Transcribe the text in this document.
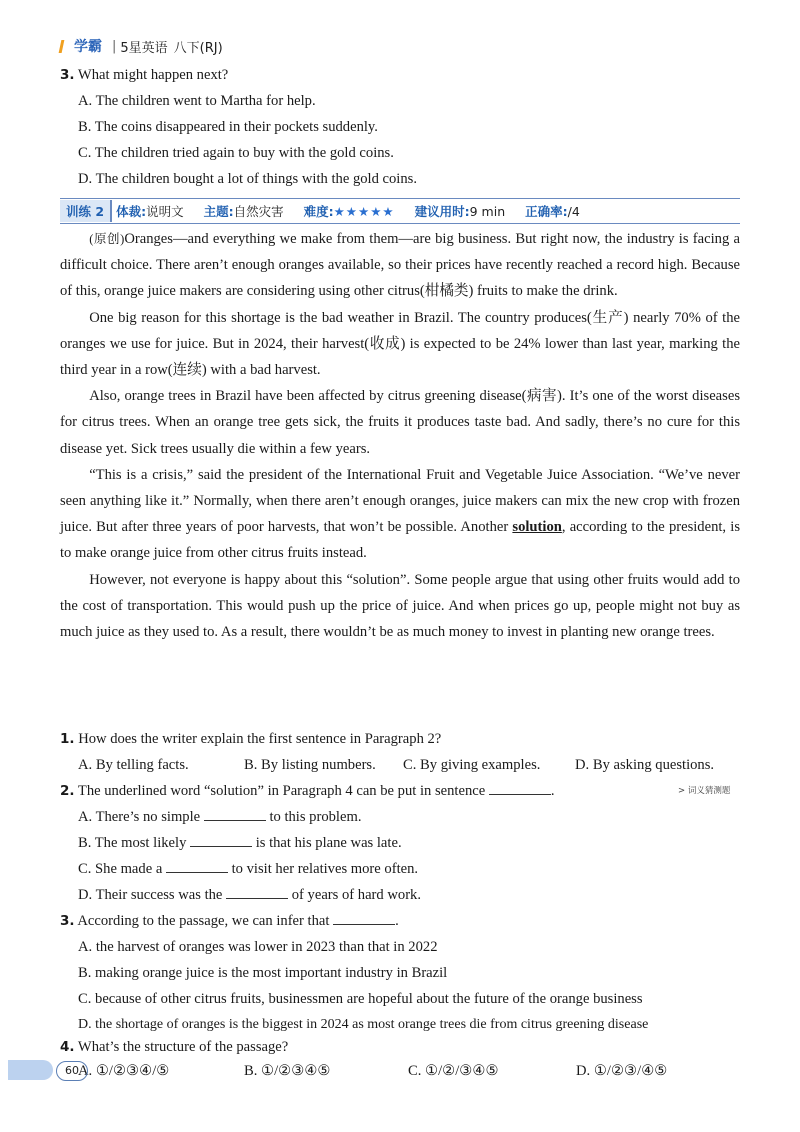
学霸 | 5星英语 八下(RJ)
3. What might happen next?
A. The children went to Martha for help.
B. The coins disappeared in their pockets suddenly.
C. The children tried again to buy with the gold coins.
D. The children bought a lot of things with the gold coins.
训练 2 体裁: 说明文 主题: 自然灾害 难度: ★★★★★ 建议用时: 9 min 正确率: /4

(原创)Oranges—and everything we make from them—are big business. But right now, the industry is facing a difficult choice. There aren’t enough oranges available, so their prices have recently reached a record high. Because of this, orange juice makers are considering using other citrus(柑橘类) fruits to make the drink.

One big reason for this shortage is the bad weather in Brazil. The country produces(生产) nearly 70% of the oranges we use for juice. But in 2024, their harvest(收成) is expected to be 24% lower than last year, marking the third year in a row(连续) with a bad harvest.

Also, orange trees in Brazil have been affected by citrus greening disease(病害). It’s one of the worst diseases for citrus trees. When an orange tree gets sick, the fruits it produces taste bad. And sadly, there’s no cure for this disease yet. Sick trees usually die within a few years.

“This is a crisis,” said the president of the International Fruit and Vegetable Juice Association. “We’ve never seen anything like it.” Normally, when there aren’t enough oranges, juice makers can mix the new crop with frozen juice. But after three years of poor harvests, that won’t be possible. Another solution, according to the president, is to make orange juice from other citrus fruits instead.

However, not everyone is happy about this “solution”. Some people argue that using other fruits would add to the cost of transportation. This would push up the price of juice. And when prices go up, people might not buy as much juice as they used to. As a result, there wouldn’t be as much money to invest in planting new orange trees.

1. How does the writer explain the first sentence in Paragraph 2?
A. By telling facts.	B. By listing numbers. C. By giving examples. D. By asking questions.
2. The underlined word “solution” in Paragraph 4 can be put in sentence	.
A. There’s no simple	to this problem.
B. The most likely	is that his plane was late.
C. She made a	to visit her relatives more often.
D. Their success was the	of years of hard work.
> 词义猜测题
3. According to the passage, we can infer that	.
A. the harvest of oranges was lower in 2023 than that in 2022
B. making orange juice is the most important industry in Brazil
C. because of other citrus fruits, businessmen are hopeful about the future of the orange business
D. the shortage of oranges is the biggest in 2024 as most orange trees die from citrus greening disease
4. What’s the structure of the passage?
A. ①/②③④/⑤	B. ①/②③④⑤	C. ①/②/③④⑤	D. ①/②③/④⑤
60
